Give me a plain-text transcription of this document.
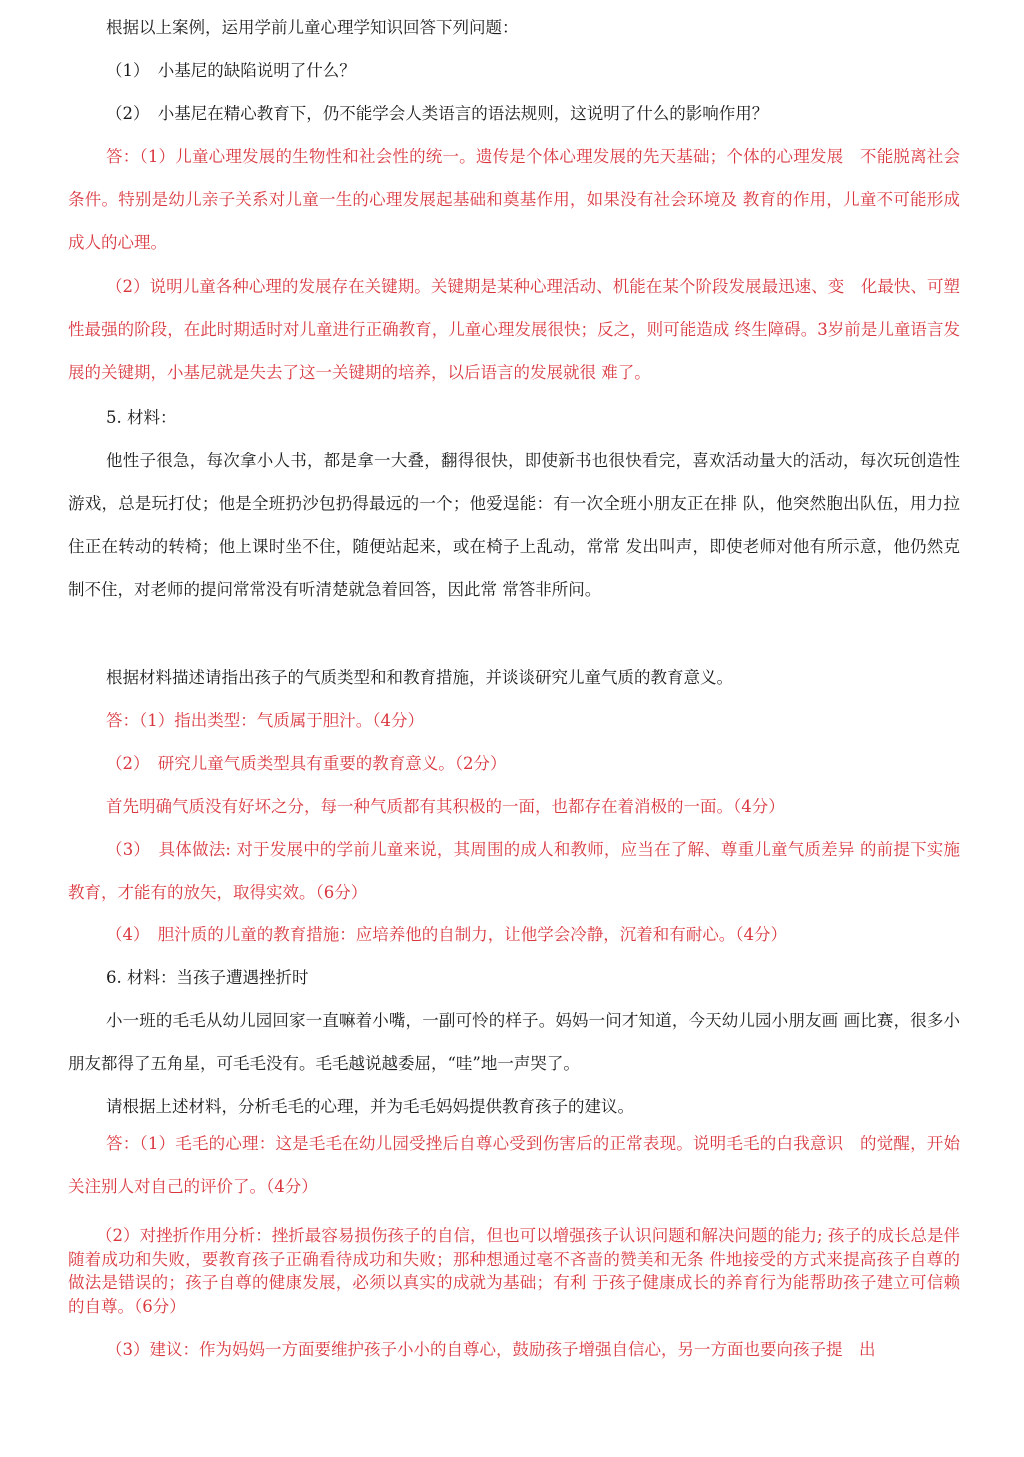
根据以上案例，运用学前儿童心理学知识回答下列问题：

（1）　小基尼的缺陷说明了什么？

（2）　小基尼在精心教育下，仍不能学会人类语言的语法规则，这说明了什么的影响作用？

答：（1）儿童心理发展的生物性和社会性的统一。遗传是个体心理发展的先天基础；个体的心理发展　不能脱离社会条件。特别是幼儿亲子关系对儿童一生的心理发展起基础和奠基作用，如果没有社会环境及 教育的作用，儿童不可能形成成人的心理。

（2）说明儿童各种心理的发展存在关键期。关键期是某种心理活动、机能在某个阶段发展最迅速、变　化最快、可塑性最强的阶段，在此时期适时对儿童进行正确教育，儿童心理发展很快；反之，则可能造成 终生障碍。3岁前是儿童语言发展的关键期，小基尼就是失去了这一关键期的培养，以后语言的发展就很 难了。

5. 材料：

他性子很急，每次拿小人书，都是拿一大叠，翻得很快，即使新书也很快看完，喜欢活动量大的活动，每次玩创造性游戏，总是玩打仗；他是全班扔沙包扔得最远的一个；他爱逞能：有一次全班小朋友正在排 队，他突然胞出队伍，用力拉住正在转动的转椅；他上课时坐不住，随便站起来，或在椅子上乱动，常常 发出叫声，即使老师对他有所示意，他仍然克制不住，对老师的提问常常没有听清楚就急着回答，因此常 常答非所问。

根据材料描述请指出孩子的气质类型和和教育措施，并谈谈研究儿童气质的教育意义。

答：（1）指出类型：气质属于胆汁。（4分）

（2）　研究儿童气质类型具有重要的教育意义。（2分）

首先明确气质没有好坏之分，每一种气质都有其积极的一面，也都存在着消极的一面。（4分）

（3）　具体做法: 对于发展中的学前儿童来说，其周围的成人和教师，应当在了解、尊重儿童气质差异 的前提下实施教育，才能有的放矢，取得实效。（6分）

（4）　胆汁质的儿童的教育措施：应培养他的自制力，让他学会冷静，沉着和有耐心。（4分）

6. 材料：当孩子遭遇挫折时

小一班的毛毛从幼儿园回家一直嘛着小嘴，一副可怜的样子。妈妈一问才知道，今天幼儿园小朋友画 画比赛，很多小朋友都得了五角星，可毛毛没有。毛毛越说越委屈，“哇”地一声哭了。

请根据上述材料，分析毛毛的心理，并为毛毛妈妈提供教育孩子的建议。

答：（1）毛毛的心理：这是毛毛在幼儿园受挫后自尊心受到伤害后的正常表现。说明毛毛的白我意识　的觉醒，开始关注别人对自己的评价了。（4分）

（2）对挫折作用分析：挫折最容易损伤孩子的自信，但也可以增强孩子认识问题和解决问题的能力; 孩子的成长总是伴随着成功和失败，要教育孩子正确看待成功和失败；那种想通过毫不吝啬的赞美和无条 件地接受的方式来提高孩子自尊的做法是错误的；孩子自尊的健康发展，必须以真实的成就为基础；有利 于孩子健康成长的养育行为能帮助孩子建立可信赖的自尊。（6分）

（3）建议：作为妈妈一方面要维护孩子小小的自尊心，鼓励孩子增强自信心，另一方面也要向孩子提　出
